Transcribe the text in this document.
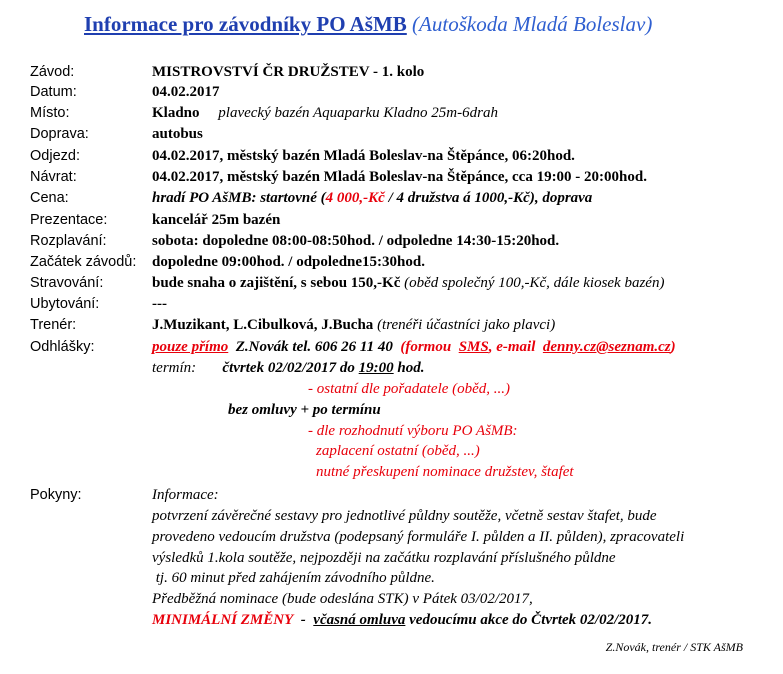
Informace pro závodníky PO AšMB (Autoškoda Mladá Boleslav)
Závod:	MISTROVSTVÍ ČR DRUŽSTEV - 1. kolo
Datum:	04.02.2017
Místo:	Kladno plavecký bazén Aquaparku Kladno 25m-6drah
Doprava:	autobus
Odjezd:	04.02.2017, městský bazén Mladá Boleslav-na Štěpánce, 06:20hod.
Návrat:	04.02.2017, městský bazén Mladá Boleslav-na Štěpánce, cca 19:00 - 20:00hod.
Cena:	hradí PO AšMB: startovné (4 000,-Kč / 4 družstva á 1000,-Kč), doprava
Prezentace:	kancelář 25m bazén
Rozplavání:	sobota: dopoledne 08:00-08:50hod. / odpoledne 14:30-15:20hod.
Začátek závodů: dopoledne 09:00hod. / odpoledne15:30hod.
Stravování:	bude snaha o zajištění, s sebou 150,-Kč (oběd společný 100,-Kč, dále kiosek bazén)
Ubytování:	---
Trenér:	J.Muzikant, L.Cibulková, J.Bucha (trenéři účastníci jako plavci)
Odhlášky:	pouze přímo Z.Novák tel. 606 26 11 40 (formou SMS, e-mail denny.cz@seznam.cz)
termín: čtvrtek 02/02/2017 do 19:00 hod.
- ostatní dle pořadatele (oběd, ...)
bez omluvy + po termínu
- dle rozhodnutí výboru PO AšMB:
zaplacení ostatní (oběd, ...)
nutné přeskupení nominace družstev, štafet
Pokyny:	Informace:
potvrzení závěrečné sestavy pro jednotlivé půldny soutěže, včetně sestav štafet, bude
provedeno vedoucím družstva (podepsaný formuláře I. půlden a II. půlden), zpracovateli
výsledků 1.kola soutěže, nejpozději na začátku rozplavání příslušného půldne
tj. 60 minut před zahájením závodního půldne.
Předběžná nominace (bude odeslána STK) v Pátek 03/02/2017,
MINIMÁLNÍ ZMĚNY - včasná omluva vedoucímu akce do Čtvrtek 02/02/2017.
Z.Novák, trenér / STK AšMB
